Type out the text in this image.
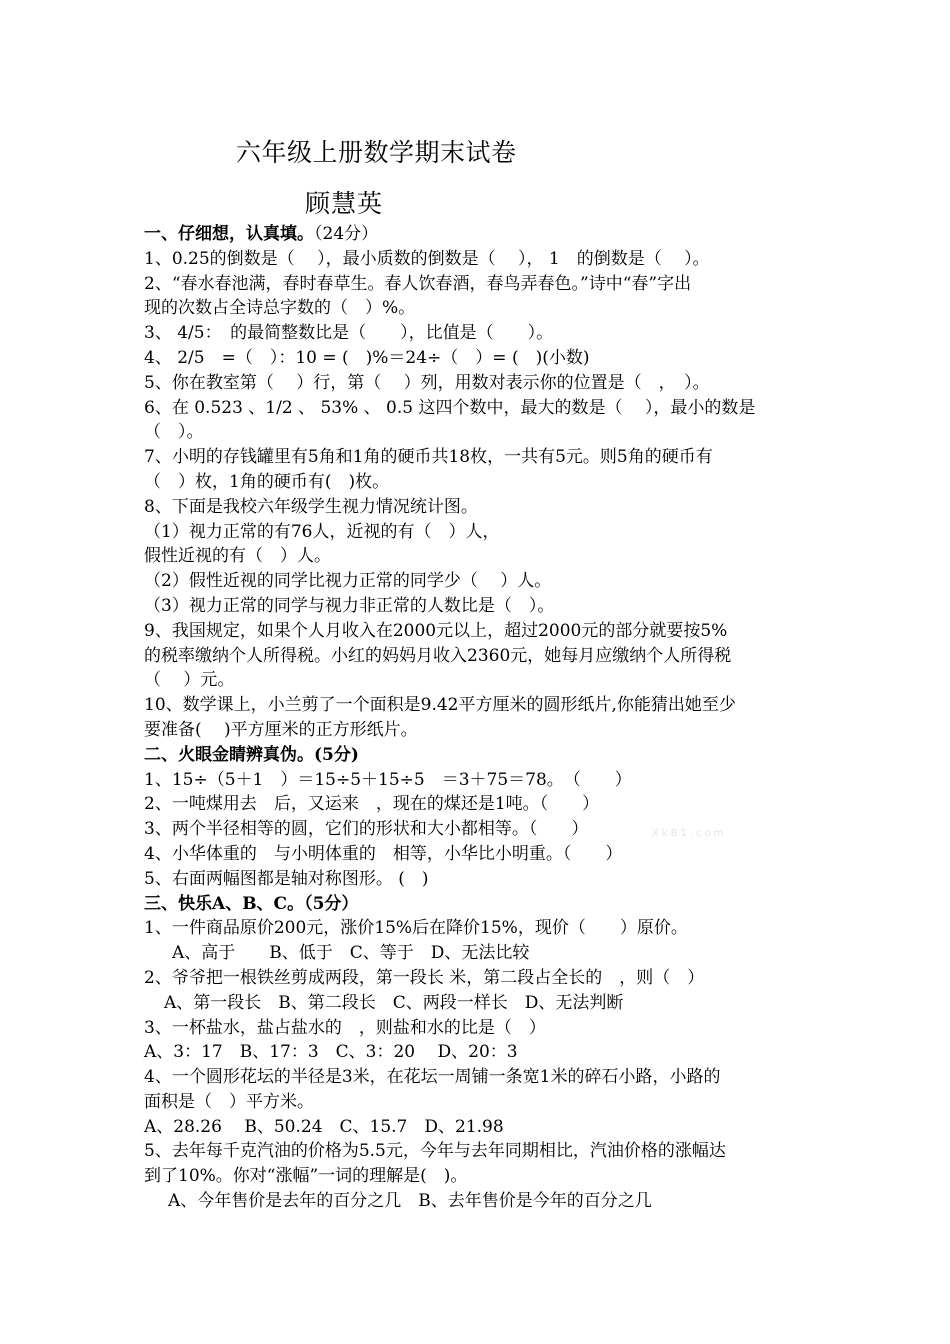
六年级上册数学期末试卷
顾慧英
一、仔细想，认真填。（24分）
1、0.25的倒数是（　 ），最小质数的倒数是（　 ）， 1　的倒数是（　 ）。
2、“春水春池满，春时春草生。春人饮春酒，春鸟弄春色。”诗中“春”字出
现的次数占全诗总字数的（　）%。
3、 4/5：　的最简整数比是（　　），比值是（　　）。
4、 2/5　=（　）：10 = (　)%＝24÷（　）= (　)(小数)
5、你在教室第（　 ）行，第（　 ）列，用数对表示你的位置是（　，　）。
6、在 0.523 、1/2 、 53% 、 0.5 这四个数中，最大的数是（　 ），最小的数是
（　）。
7、小明的存钱罐里有5角和1角的硬币共18枚，一共有5元。则5角的硬币有
（　）枚，1角的硬币有(　)枚。
8、下面是我校六年级学生视力情况统计图。
（1）视力正常的有76人，近视的有（　）人，
假性近视的有（　）人。
（2）假性近视的同学比视力正常的同学少（　 ）人。
（3）视力正常的同学与视力非正常的人数比是（　）。
9、我国规定，如果个人月收入在2000元以上，超过2000元的部分就要按5%
的税率缴纳个人所得税。小红的妈妈月收入2360元，她每月应缴纳个人所得税
（　 ）元。
10、数学课上，小兰剪了一个面积是9.42平方厘米的圆形纸片,你能猜出她至少
要准备(　 )平方厘米的正方形纸片。
二、火眼金睛辨真伪。(5分)
1、15÷（5＋1　）＝15÷5＋15÷5　＝3＋75＝78。　（　　）
2、一吨煤用去　后，又运来　，现在的煤还是1吨。（　　）
3、两个半径相等的圆，它们的形状和大小都相等。（　　）
4、小华体重的　与小明体重的　相等，小华比小明重。（　　）
5、右面两幅图都是轴对称图形。 (　)
三、快乐A、B、C。（5分）
1、一件商品原价200元，涨价15%后在降价15%，现价（　　）原价。
A、高于　　B、低于　C、等于　D、无法比较
2、爷爷把一根铁丝剪成两段，第一段长 米，第二段占全长的　，则（　）
A、第一段长　B、第二段长　C、两段一样长　D、无法判断
3、一杯盐水，盐占盐水的　，则盐和水的比是（　）
A、3：17　B、17：3　C、3：20　 D、20：3
4、一个圆形花坛的半径是3米，在花坛一周铺一条宽1米的碎石小路，小路的
面积是（　）平方米。
A、28.26　 B、50.24　C、15.7　D、21.98
5、去年每千克汽油的价格为5.5元，今年与去年同期相比，汽油价格的涨幅达
到了10%。你对“涨幅”一词的理解是(　)。
A、今年售价是去年的百分之几　B、去年售价是今年的百分之几
XkB1.com
